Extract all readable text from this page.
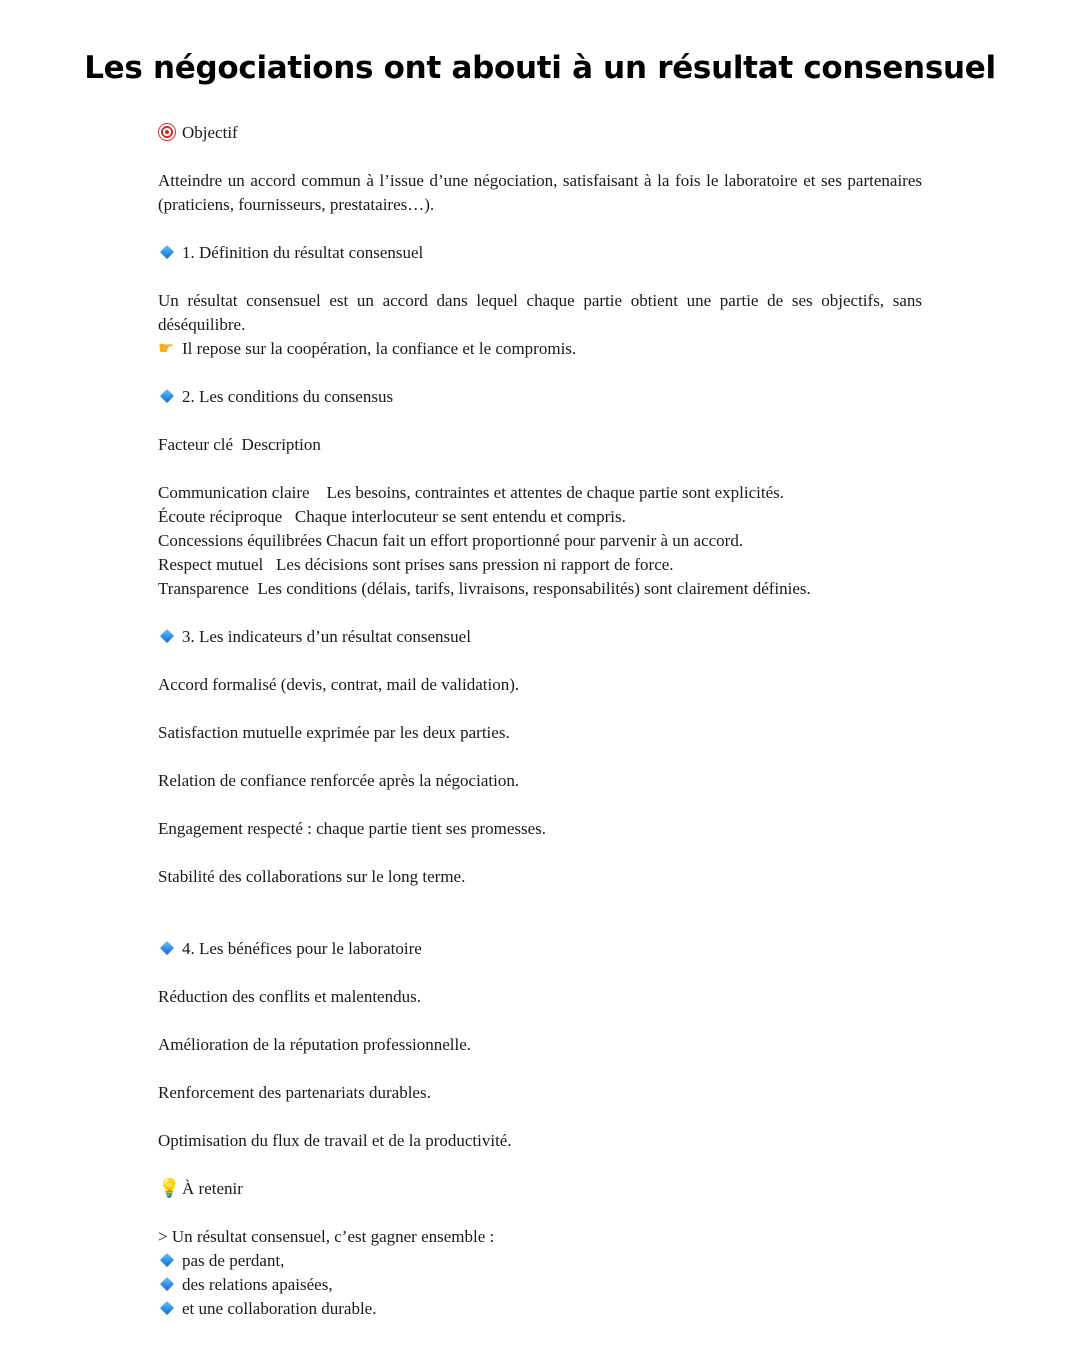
Les négociations ont abouti à un résultat consensuel

Objectif

Atteindre un accord commun à l’issue d’une négociation, satisfaisant à la fois le laboratoire et ses partenaires (praticiens, fournisseurs, prestataires…).

1. Définition du résultat consensuel

Un résultat consensuel est un accord dans lequel chaque partie obtient une partie de ses objectifs, sans déséquilibre.

☛ Il repose sur la coopération, la confiance et le compromis.

2. Les conditions du consensus

Facteur clé Description

Communication claire Les besoins, contraintes et attentes de chaque partie sont explicités.

Écoute réciproque Chaque interlocuteur se sent entendu et compris.

Concessions équilibrées Chacun fait un effort proportionné pour parvenir à un accord.

Respect mutuel Les décisions sont prises sans pression ni rapport de force.

Transparence Les conditions (délais, tarifs, livraisons, responsabilités) sont clairement définies.

3. Les indicateurs d’un résultat consensuel

Accord formalisé (devis, contrat, mail de validation).

Satisfaction mutuelle exprimée par les deux parties.

Relation de confiance renforcée après la négociation.

Engagement respecté : chaque partie tient ses promesses.

Stabilité des collaborations sur le long terme.

4. Les bénéfices pour le laboratoire

Réduction des conflits et malentendus.

Amélioration de la réputation professionnelle.

Renforcement des partenariats durables.

Optimisation du flux de travail et de la productivité.

💡À retenir

> Un résultat consensuel, c’est gagner ensemble :

pas de perdant,

des relations apaisées,

et une collaboration durable.
